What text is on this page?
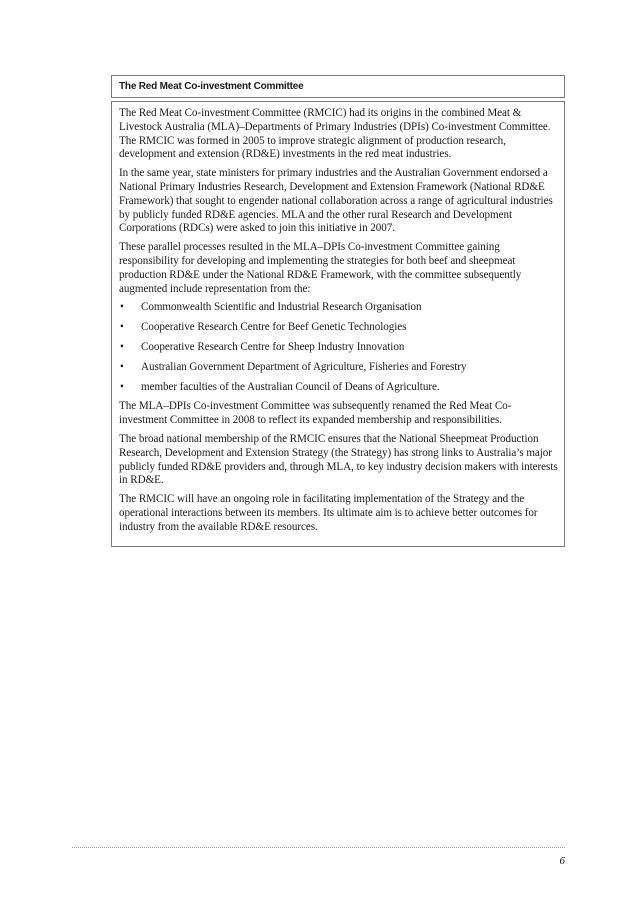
The Red Meat Co-investment Committee

The Red Meat Co-investment Committee (RMCIC) had its origins in the combined Meat & Livestock Australia (MLA)–Departments of Primary Industries (DPIs) Co-investment Committee. The RMCIC was formed in 2005 to improve strategic alignment of production research, development and extension (RD&E) investments in the red meat industries.

In the same year, state ministers for primary industries and the Australian Government endorsed a National Primary Industries Research, Development and Extension Framework (National RD&E Framework) that sought to engender national collaboration across a range of agricultural industries by publicly funded RD&E agencies. MLA and the other rural Research and Development Corporations (RDCs) were asked to join this initiative in 2007.

These parallel processes resulted in the MLA–DPIs Co-investment Committee gaining responsibility for developing and implementing the strategies for both beef and sheepmeat production RD&E under the National RD&E Framework, with the committee subsequently augmented include representation from the:

• Commonwealth Scientific and Industrial Research Organisation
• Cooperative Research Centre for Beef Genetic Technologies
• Cooperative Research Centre for Sheep Industry Innovation
• Australian Government Department of Agriculture, Fisheries and Forestry
• member faculties of the Australian Council of Deans of Agriculture.

The MLA–DPIs Co-investment Committee was subsequently renamed the Red Meat Co-investment Committee in 2008 to reflect its expanded membership and responsibilities.

The broad national membership of the RMCIC ensures that the National Sheepmeat Production Research, Development and Extension Strategy (the Strategy) has strong links to Australia’s major publicly funded RD&E providers and, through MLA, to key industry decision makers with interests in RD&E.

The RMCIC will have an ongoing role in facilitating implementation of the Strategy and the operational interactions between its members. Its ultimate aim is to achieve better outcomes for industry from the available RD&E resources.

6
